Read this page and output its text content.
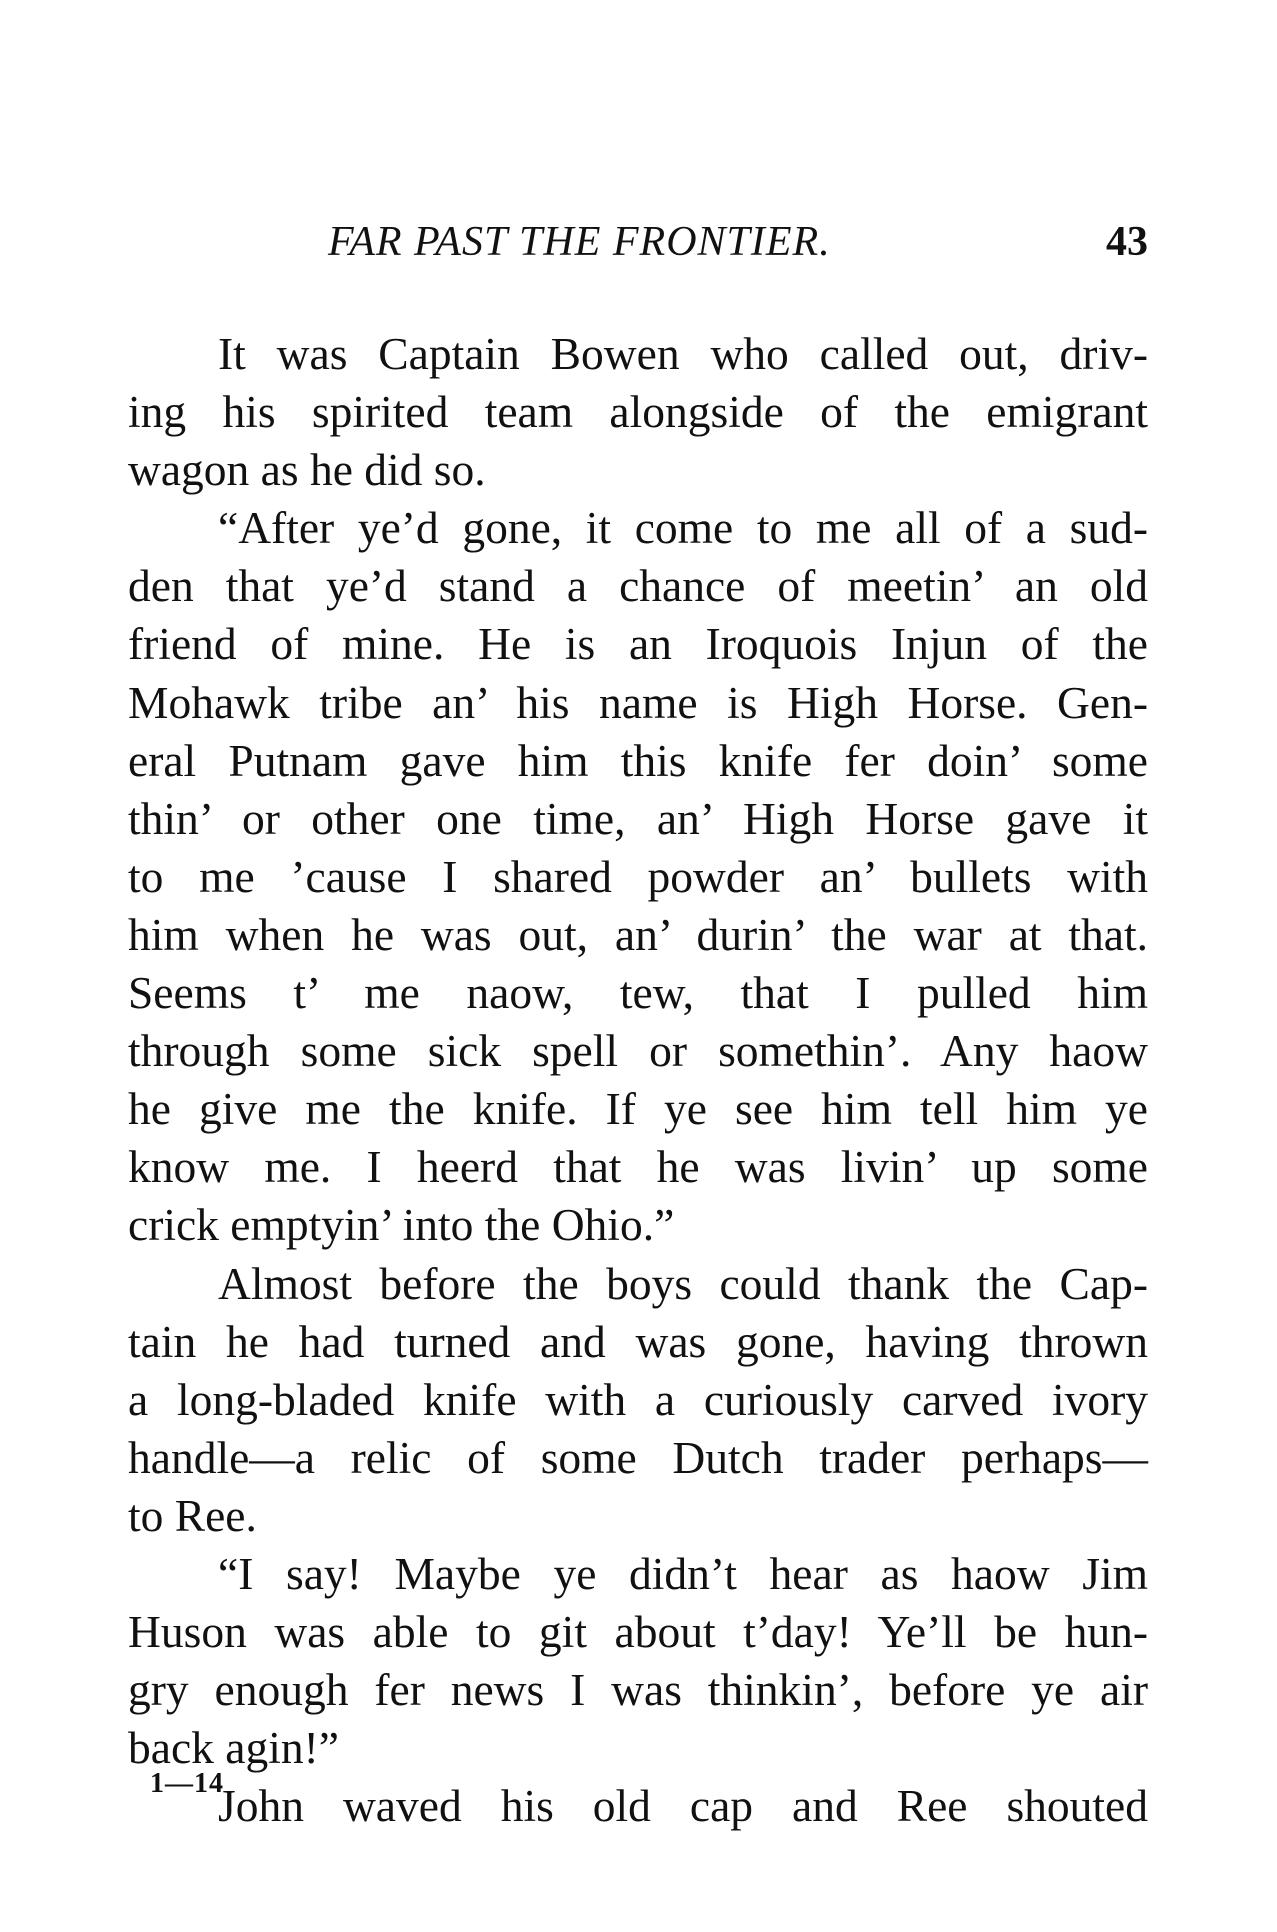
FAR PAST THE FRONTIER.	43
It was Captain Bowen who called out, driv-
ing his spirited team alongside of the emigrant
wagon as he did so.
“After ye’d gone, it come to me all of a sud-
den that ye’d stand a chance of meetin’ an old
friend of mine. He is an Iroquois Injun of the
Mohawk tribe an’ his name is High Horse. Gen-
eral Putnam gave him this knife fer doin’ some
thin’ or other one time, an’ High Horse gave it
to me ’cause I shared powder an’ bullets with
him when he was out, an’ durin’ the war at that.
Seems t’ me naow, tew, that I pulled him
through some sick spell or somethin’. Any haow
he give me the knife. If ye see him tell him ye
know me. I heerd that he was livin’ up some
crick emptyin’ into the Ohio.”
Almost before the boys could thank the Cap-
tain he had turned and was gone, having thrown
a long-bladed knife with a curiously carved ivory
handle—a relic of some Dutch trader perhaps—
to Ree.
“I say! Maybe ye didn’t hear as haow Jim
Huson was able to git about t’day! Ye’ll be hun-
gry enough fer news I was thinkin’, before ye air
back agin!”
John waved his old cap and Ree shouted
1—14
